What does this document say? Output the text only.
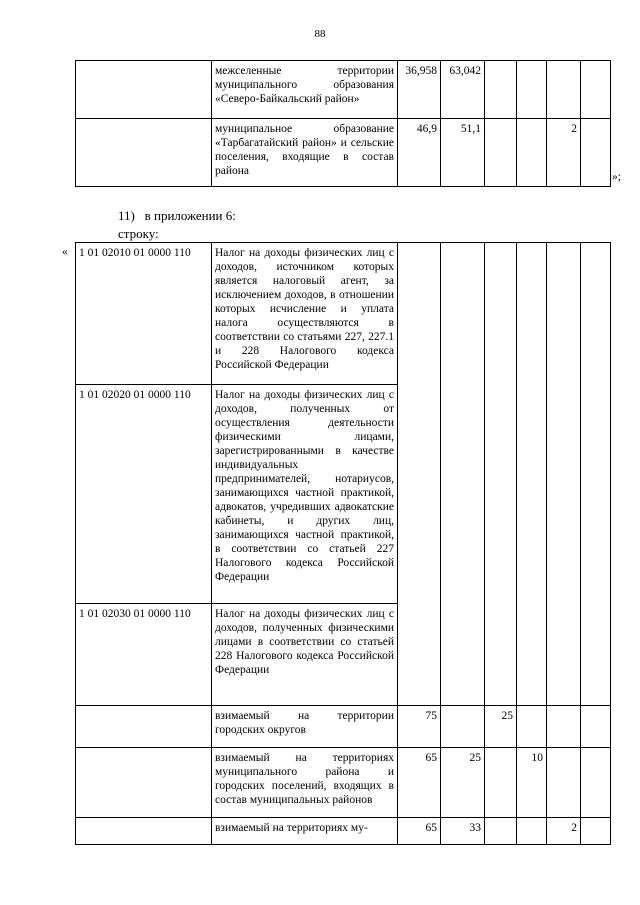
88
	межселенные территории муниципального образования «Северо-Байкальский район»	36,958	63,042				
	муниципальное образование «Тарбагатайский район» и сельские поселения, входящие в состав района	46,9	51,1			2	
»;
11)   в приложении 6:
строку:
« 1 01 02010 01 0000 110	Налог на доходы физических лиц с доходов, источником которых является налоговый агент, за исключением доходов, в отношении которых исчисление и уплата налога осуществляются в соответствии со статьями 227, 227.1 и 228 Налогового кодекса Российской Федерации						
1 01 02020 01 0000 110	Налог на доходы физических лиц с доходов, полученных от осуществления деятельности физическими лицами, зарегистрированными в качестве индивидуальных предпринимателей, нотариусов, занимающихся частной практикой, адвокатов, учредивших адвокатские кабинеты, и других лиц, занимающихся частной практикой, в соответствии со статьей 227 Налогового кодекса Российской Федерации						
1 01 02030 01 0000 110	Налог на доходы физических лиц с доходов, полученных физическими лицами в соответствии со статьей 228 Налогового кодекса Российской Федерации						
	взимаемый на территории городских округов	75		25			
	взимаемый на территориях муниципального района и городских поселений, входящих в состав муниципальных районов	65	25		10		
	взимаемый на территориях му-	65	33			2	
